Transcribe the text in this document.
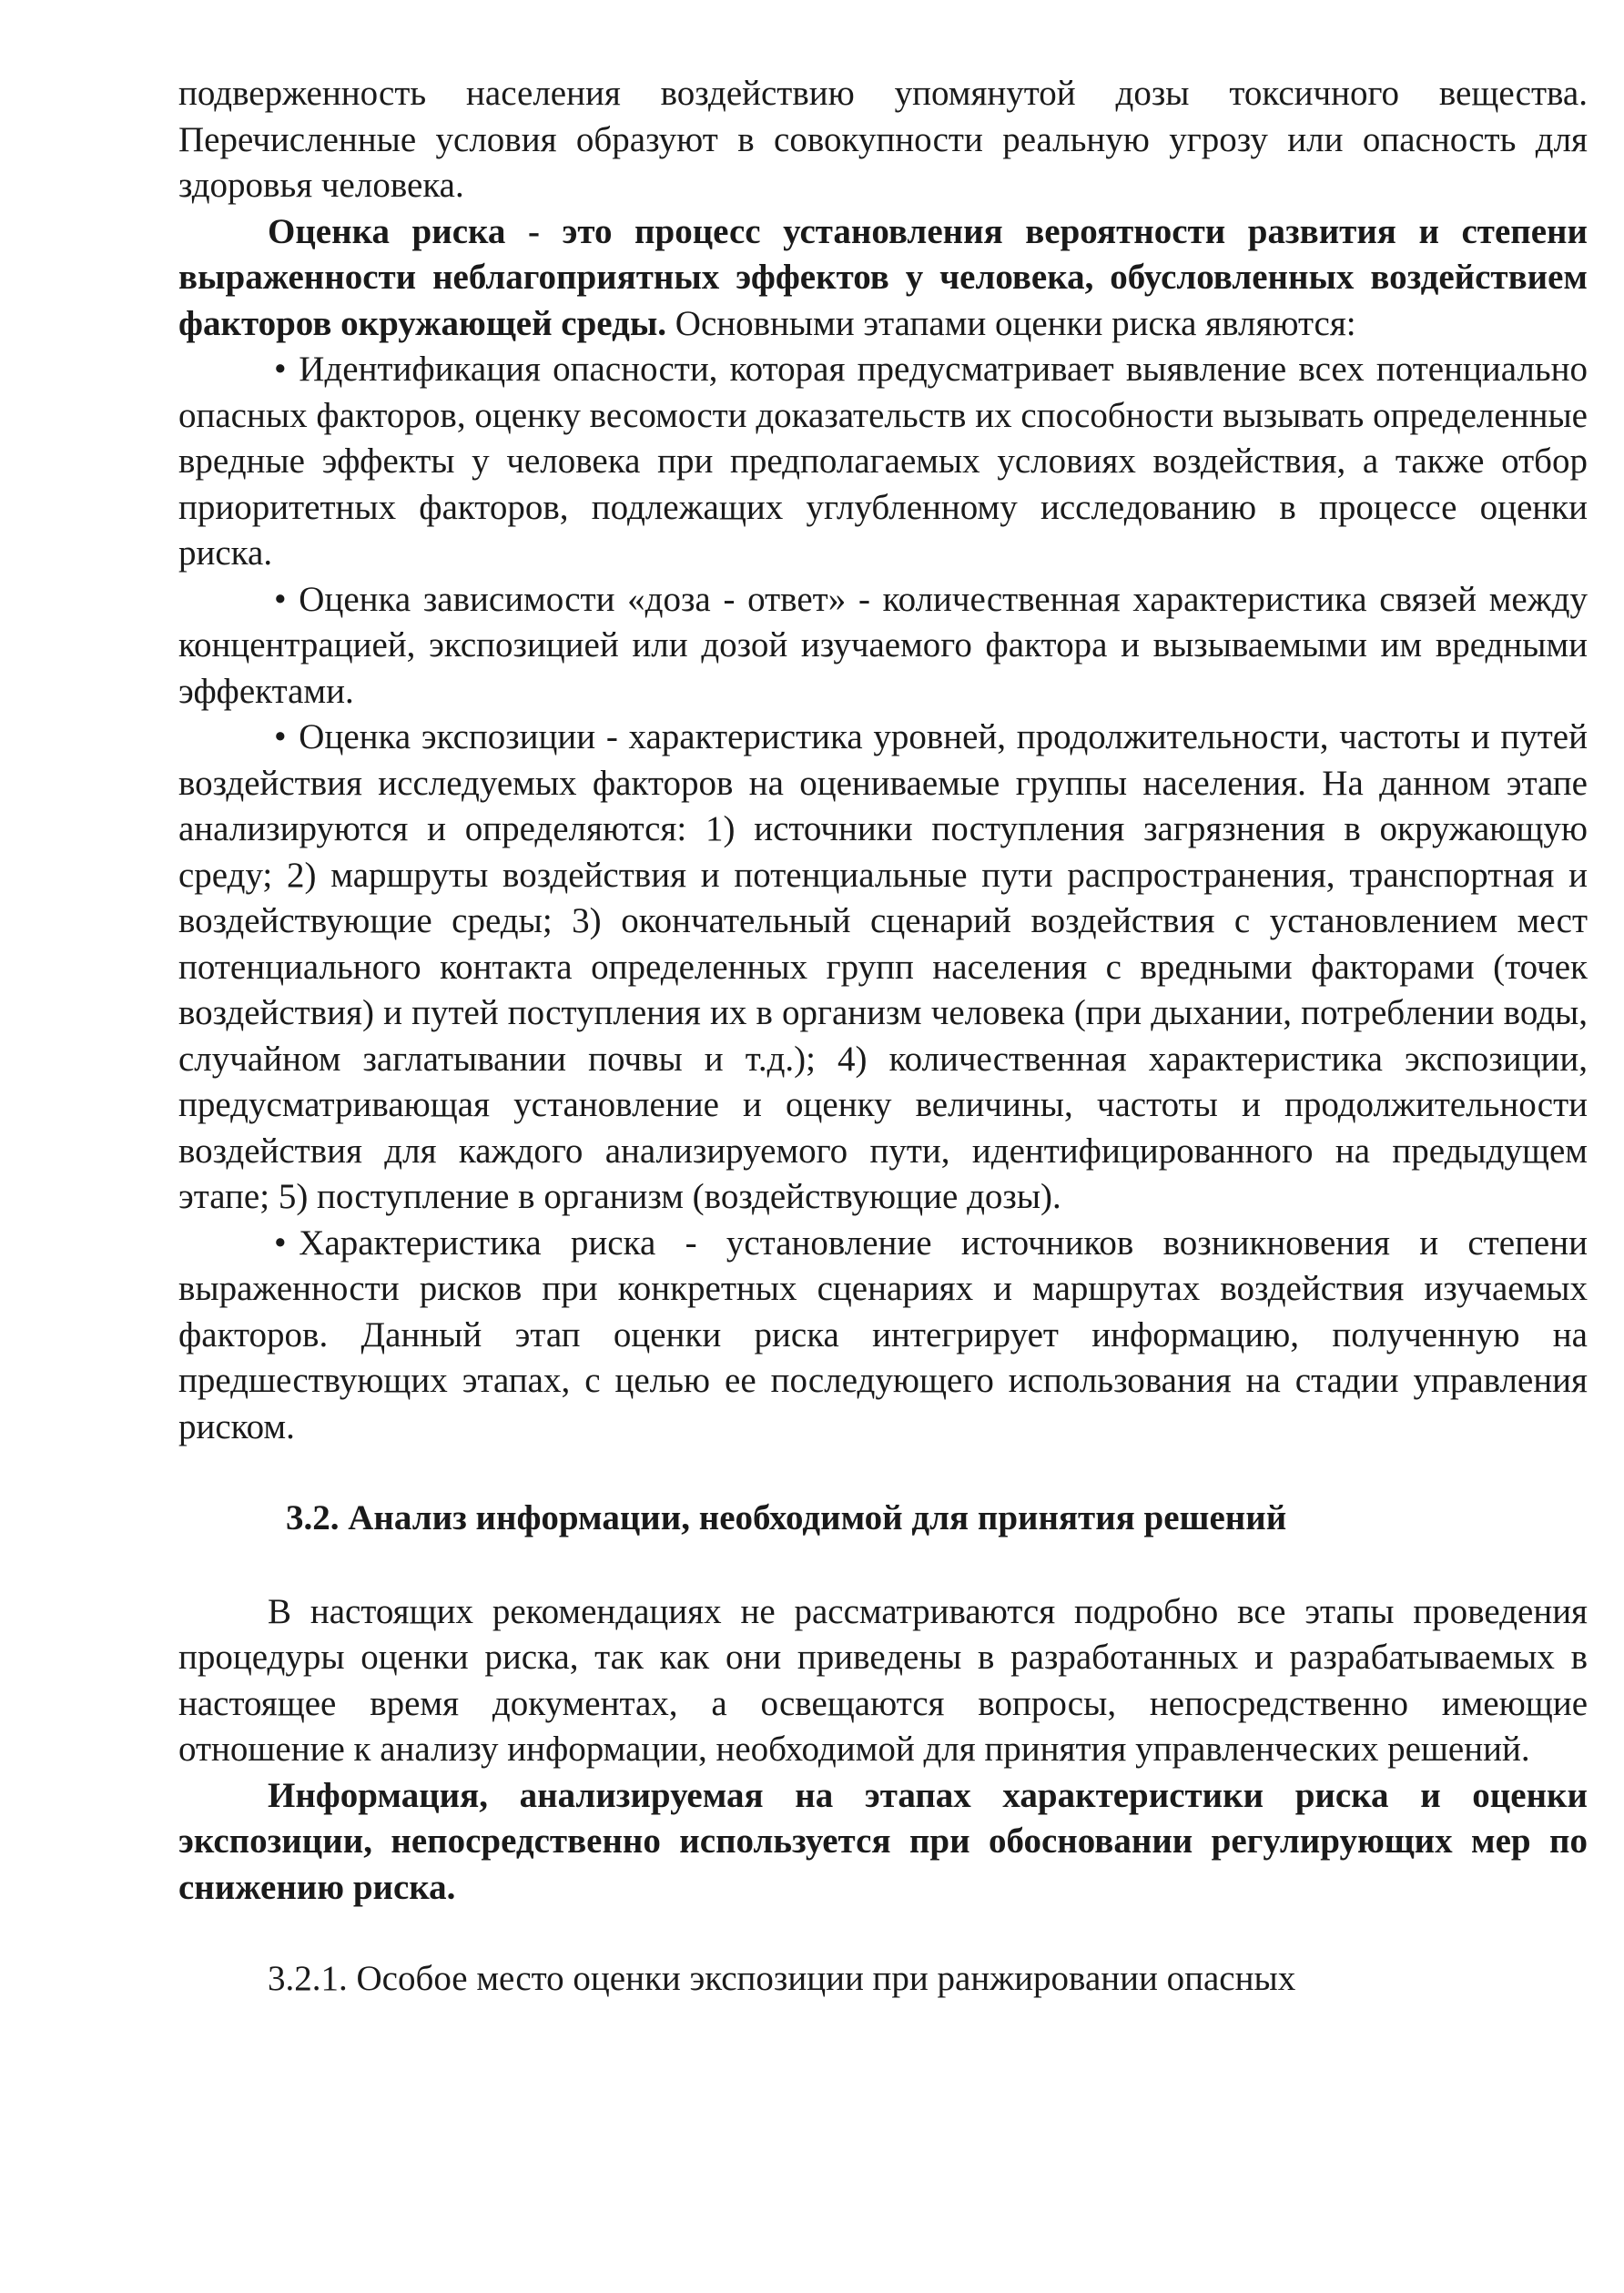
подверженность населения воздействию упомянутой дозы токсичного вещества. Перечисленные условия образуют в совокупности реальную угрозу или опасность для здоровья человека.

Оценка риска - это процесс установления вероятности развития и степени выраженности неблагоприятных эффектов у человека, обусловленных воздействием факторов окружающей среды. Основными этапами оценки риска являются:

• Идентификация опасности, которая предусматривает выявление всех потенциально опасных факторов, оценку весомости доказательств их способности вызывать определенные вредные эффекты у человека при предполагаемых условиях воздействия, а также отбор приоритетных факторов, подлежащих углубленному исследованию в процессе оценки риска.

• Оценка зависимости «доза - ответ» - количественная характеристика связей между концентрацией, экспозицией или дозой изучаемого фактора и вызываемыми им вредными эффектами.

• Оценка экспозиции - характеристика уровней, продолжительности, частоты и путей воздействия исследуемых факторов на оцениваемые группы населения. На данном этапе анализируются и определяются: 1) источники поступления загрязнения в окружающую среду; 2) маршруты воздействия и потенциальные пути распространения, транспортная и воздействующие среды; 3) окончательный сценарий воздействия с установлением мест потенциального контакта определенных групп населения с вредными факторами (точек воздействия) и путей поступления их в организм человека (при дыхании, потреблении воды, случайном заглатывании почвы и т.д.); 4) количественная характеристика экспозиции, предусматривающая установление и оценку величины, частоты и продолжительности воздействия для каждого анализируемого пути, идентифицированного на предыдущем этапе; 5) поступление в организм (воздействующие дозы).

• Характеристика риска - установление источников возникновения и степени выраженности рисков при конкретных сценариях и маршрутах воздействия изучаемых факторов. Данный этап оценки риска интегрирует информацию, полученную на предшествующих этапах, с целью ее последующего использования на стадии управления риском.

3.2. Анализ информации, необходимой для принятия решений

В настоящих рекомендациях не рассматриваются подробно все этапы проведения процедуры оценки риска, так как они приведены в разработанных и разрабатываемых в настоящее время документах, а освещаются вопросы, непосредственно имеющие отношение к анализу информации, необходимой для принятия управленческих решений.

Информация, анализируемая на этапах характеристики риска и оценки экспозиции, непосредственно используется при обосновании регулирующих мер по снижению риска.

3.2.1. Особое место оценки экспозиции при ранжировании опасных
